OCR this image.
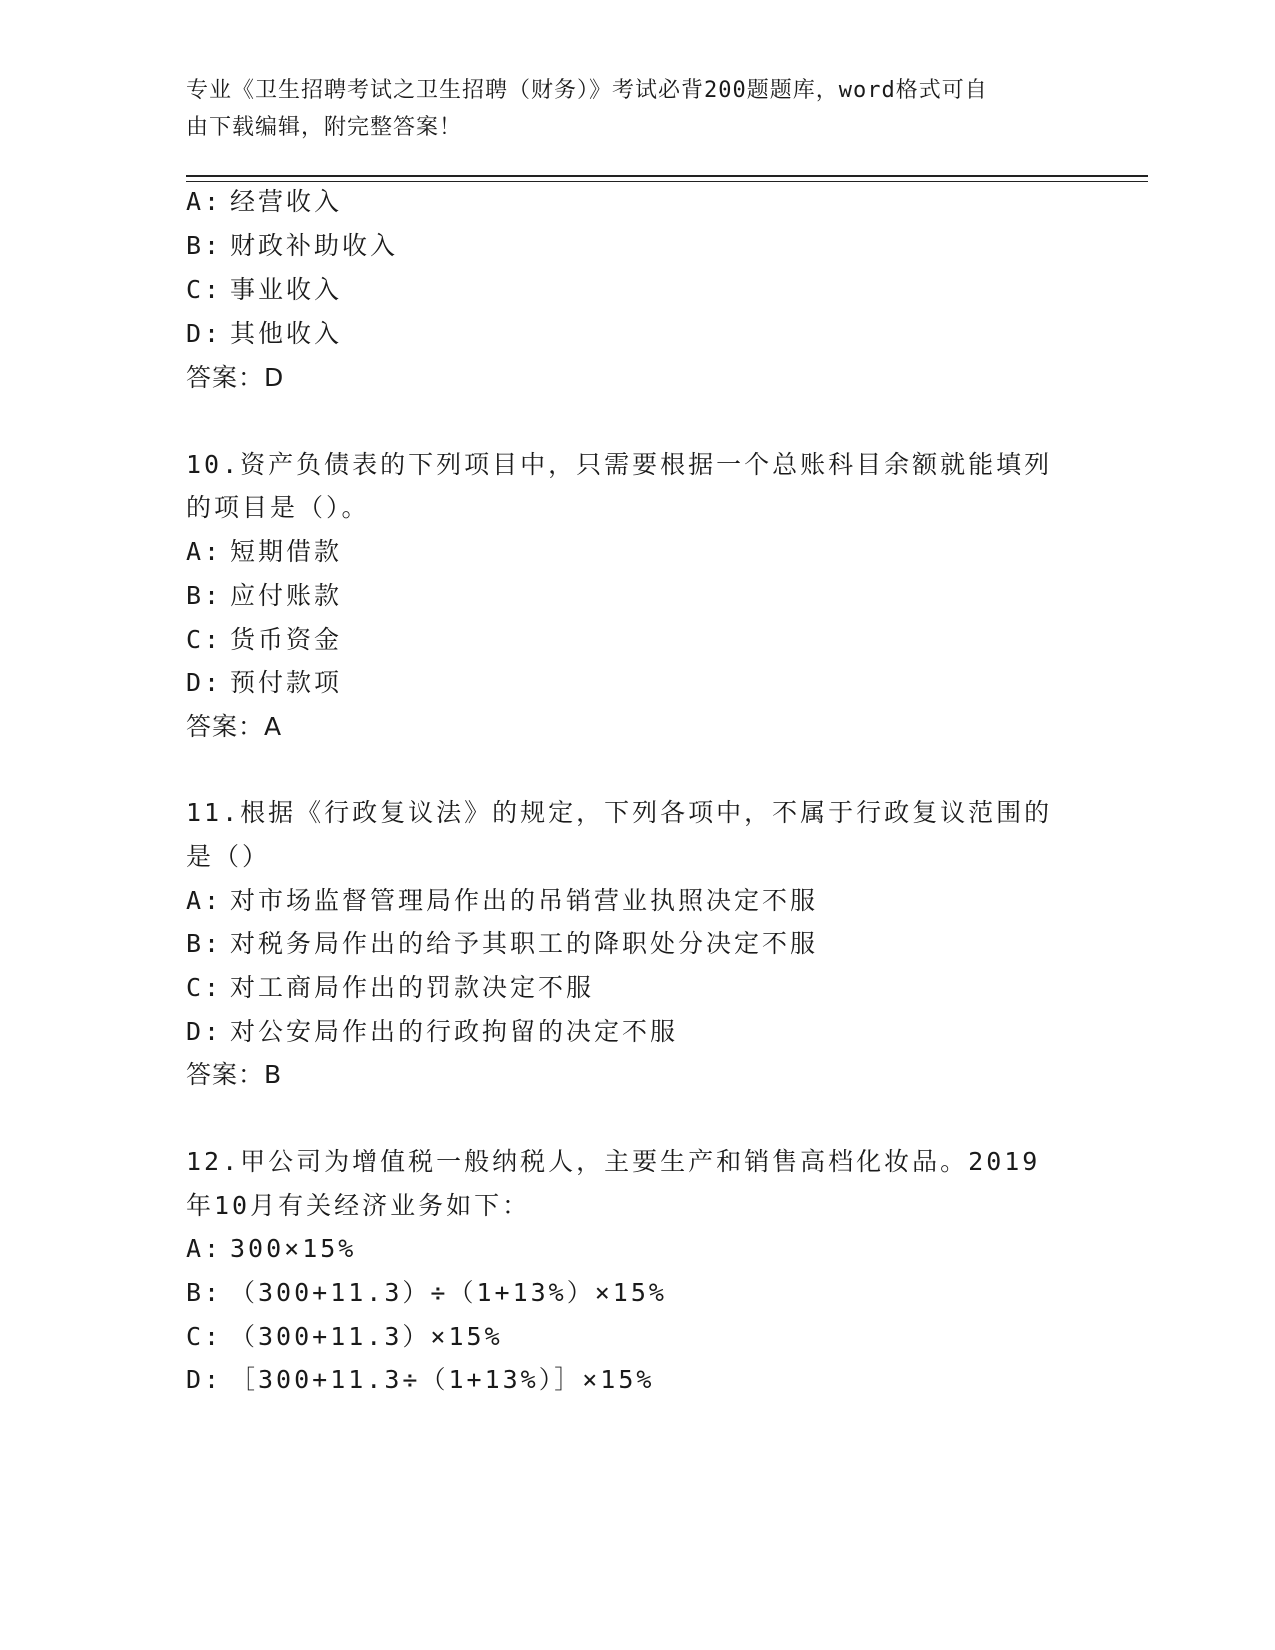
专业《卫生招聘考试之卫生招聘（财务）》考试必背200题题库，word格式可自
由下载编辑，附完整答案！
A: 经营收入
B: 财政补助收入
C: 事业收入
D: 其他收入
答案：D
10.资产负债表的下列项目中，只需要根据一个总账科目余额就能填列
的项目是（）。
A: 短期借款
B: 应付账款
C: 货币资金
D: 预付款项
答案：A
11.根据《行政复议法》的规定，下列各项中，不属于行政复议范围的
是（）
A: 对市场监督管理局作出的吊销营业执照决定不服
B: 对税务局作出的给予其职工的降职处分决定不服
C: 对工商局作出的罚款决定不服
D: 对公安局作出的行政拘留的决定不服
答案：B
12.甲公司为增值税一般纳税人，主要生产和销售高档化妆品。2019
年10月有关经济业务如下：
A: 300×15%
B: （300+11.3）÷（1+13%）×15%
C: （300+11.3）×15%
D: ［300+11.3÷（1+13%）］×15%
